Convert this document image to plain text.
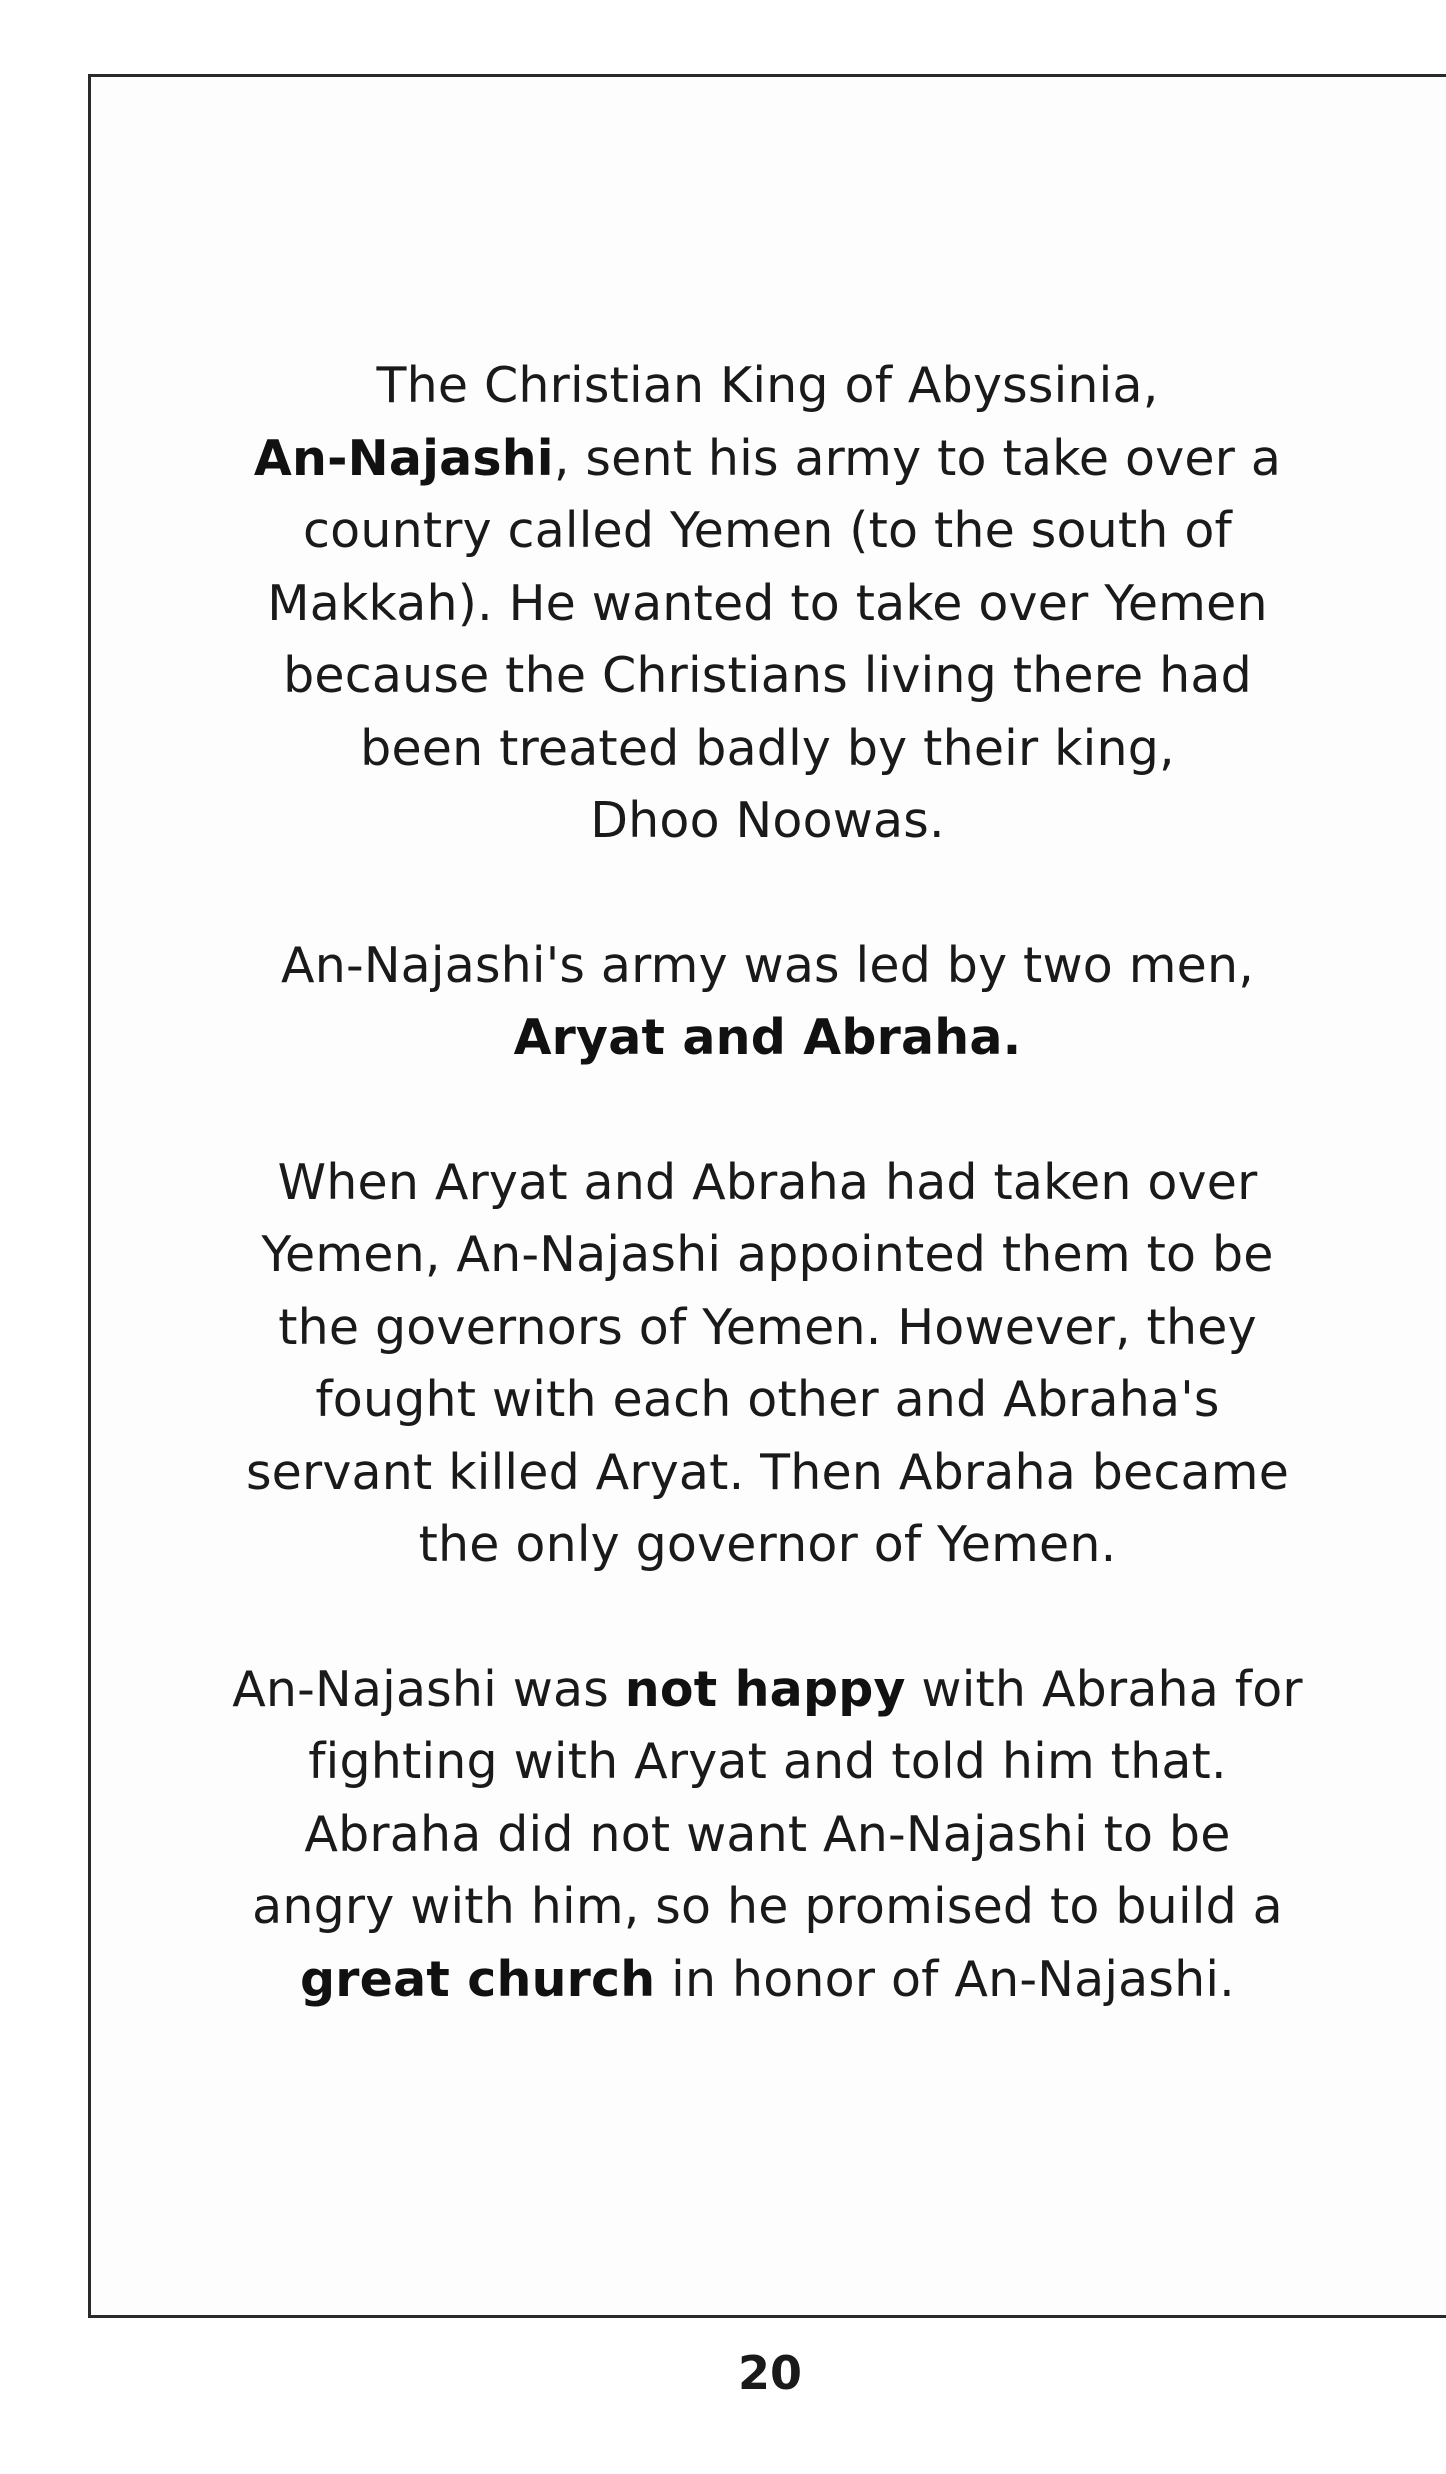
The Christian King of Abyssinia,
An-Najashi, sent his army to take over a
country called Yemen (to the south of
Makkah). He wanted to take over Yemen
because the Christians living there had
been treated badly by their king,
Dhoo Noowas.

An-Najashi's army was led by two men,
Aryat and Abraha.

When Aryat and Abraha had taken over
Yemen, An-Najashi appointed them to be
the governors of Yemen. However, they
fought with each other and Abraha's
servant killed Aryat. Then Abraha became
the only governor of Yemen.

An-Najashi was not happy with Abraha for
fighting with Aryat and told him that.
Abraha did not want An-Najashi to be
angry with him, so he promised to build a
great church in honor of An-Najashi.

20
